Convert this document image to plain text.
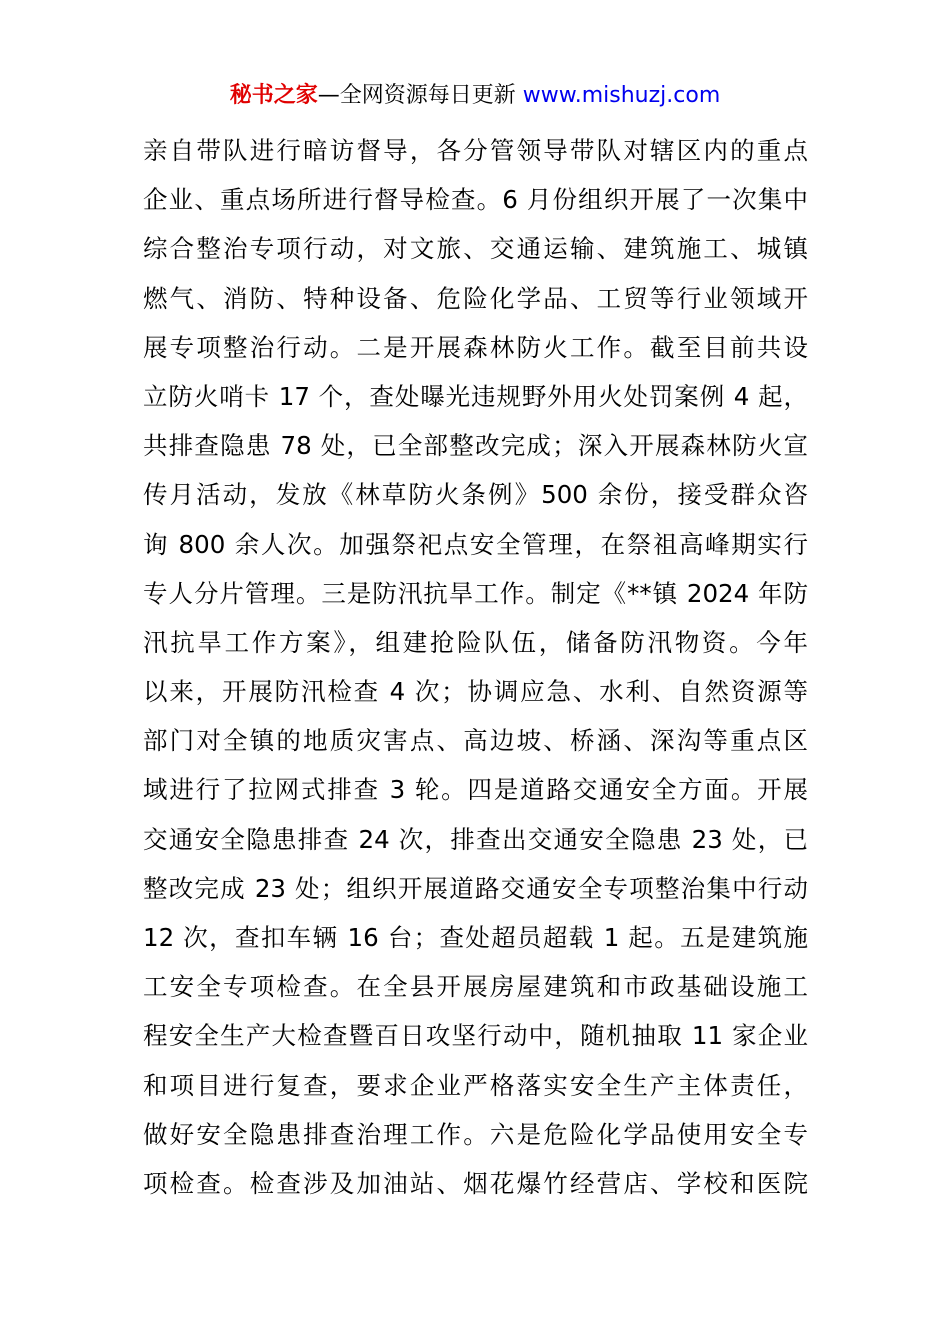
秘书之家—全网资源每日更新 www.mishuzj.com
亲自带队进行暗访督导，各分管领导带队对辖区内的重点
企业、重点场所进行督导检查。6 月份组织开展了一次集中
综合整治专项行动，对文旅、交通运输、建筑施工、城镇
燃气、消防、特种设备、危险化学品、工贸等行业领域开
展专项整治行动。二是开展森林防火工作。截至目前共设
立防火哨卡 17 个，查处曝光违规野外用火处罚案例 4 起，
共排查隐患 78 处，已全部整改完成；深入开展森林防火宣
传月活动，发放《林草防火条例》500 余份，接受群众咨
询 800 余人次。加强祭祀点安全管理，在祭祖高峰期实行
专人分片管理。三是防汛抗旱工作。制定《**镇 2024 年防
汛抗旱工作方案》，组建抢险队伍，储备防汛物资。今年
以来，开展防汛检查 4 次；协调应急、水利、自然资源等
部门对全镇的地质灾害点、高边坡、桥涵、深沟等重点区
域进行了拉网式排查 3 轮。四是道路交通安全方面。开展
交通安全隐患排查 24 次，排查出交通安全隐患 23 处，已
整改完成 23 处；组织开展道路交通安全专项整治集中行动
12 次，查扣车辆 16 台；查处超员超载 1 起。五是建筑施
工安全专项检查。在全县开展房屋建筑和市政基础设施工
程安全生产大检查暨百日攻坚行动中，随机抽取 11 家企业
和项目进行复查，要求企业严格落实安全生产主体责任，
做好安全隐患排查治理工作。六是危险化学品使用安全专
项检查。检查涉及加油站、烟花爆竹经营店、学校和医院
